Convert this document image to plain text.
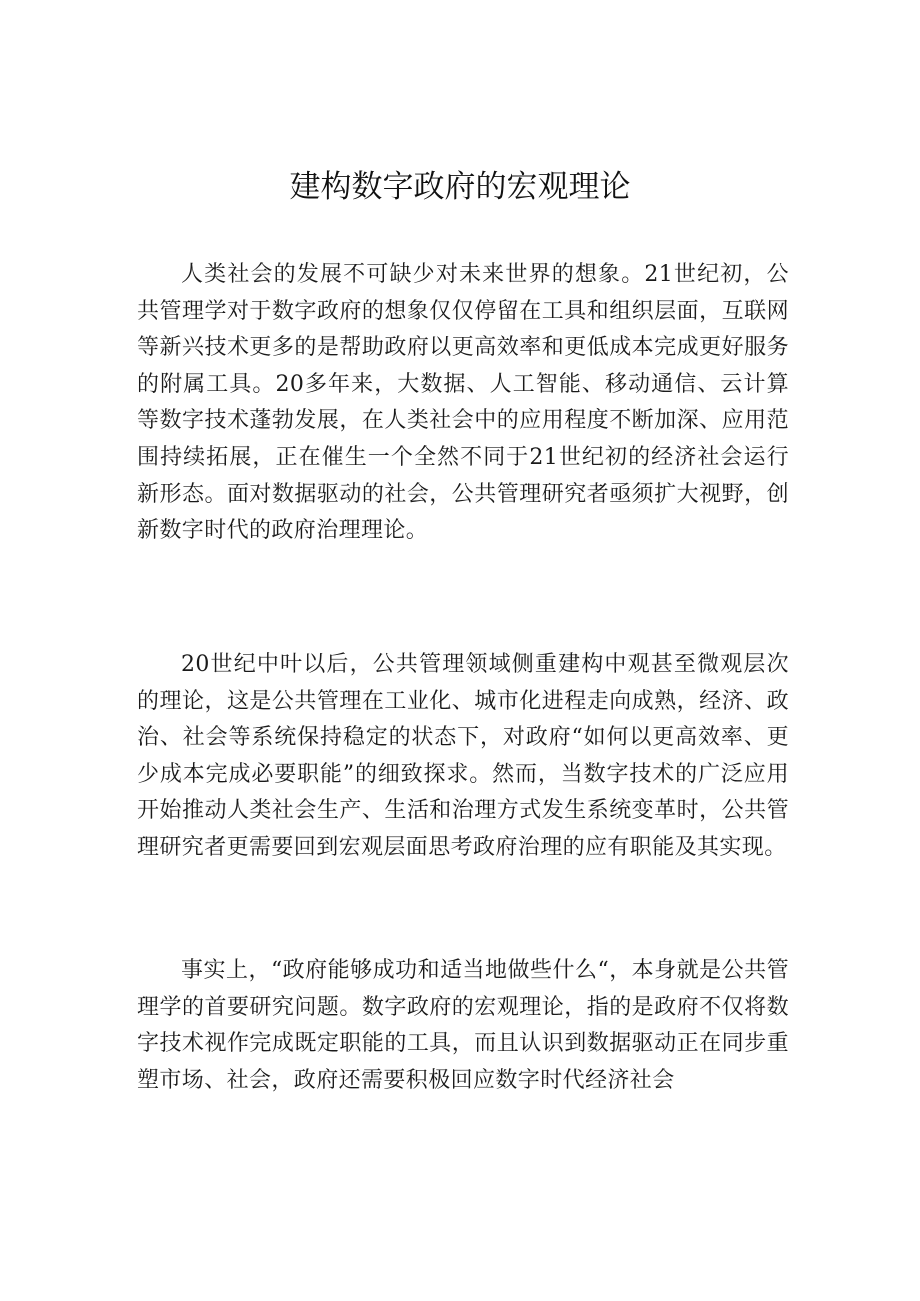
建构数字政府的宏观理论

人类社会的发展不可缺少对未来世界的想象。21世纪初，公共管理学对于数字政府的想象仅仅停留在工具和组织层面，互联网等新兴技术更多的是帮助政府以更高效率和更低成本完成更好服务的附属工具。20多年来，大数据、人工智能、移动通信、云计算等数字技术蓬勃发展，在人类社会中的应用程度不断加深、应用范围持续拓展，正在催生一个全然不同于21世纪初的经济社会运行新形态。面对数据驱动的社会，公共管理研究者亟须扩大视野，创新数字时代的政府治理理论。

20世纪中叶以后，公共管理领域侧重建构中观甚至微观层次的理论，这是公共管理在工业化、城市化进程走向成熟，经济、政治、社会等系统保持稳定的状态下，对政府“如何以更高效率、更少成本完成必要职能”的细致探求。然而，当数字技术的广泛应用开始推动人类社会生产、生活和治理方式发生系统变革时，公共管理研究者更需要回到宏观层面思考政府治理的应有职能及其实现。

事实上，“政府能够成功和适当地做些什么“，本身就是公共管理学的首要研究问题。数字政府的宏观理论，指的是政府不仅将数字技术视作完成既定职能的工具，而且认识到数据驱动正在同步重塑市场、社会，政府还需要积极回应数字时代经济社会
